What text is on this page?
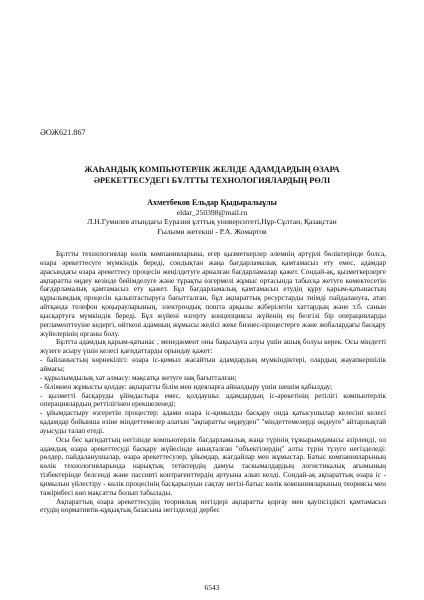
ӘОЖ621.867
ЖАҺАНДЫҚ КОМПЬЮТЕРЛІК ЖЕЛІДЕ АДАМДАРДЫҢ ӨЗАРА
ӘРЕКЕТТЕСУДЕГІ БҰЛТТЫ ТЕХНОЛОГИЯЛАРДЫҢ РӨЛІ
Ахметбеков Ельдар Қыдыралыұлы
eldar_250398@mail.ru
Л.Н.Гумилев атындағы Еуразия ұлттық университеті,Нұр-Сұлтан, Қазақстан
Ғылыми жетекші - Р.А. Жомартов

Бұлтты технологиялар көлік компанияларына, егер қызметкерлер әлемнің әртүрлі бөліктерінде болса, өзара әрекеттесуге мүмкіндік береді, сондықтан жаңа бағдарламалық қамтамасыз ету емес, адамдар арасындағы өзара әрекеттесу процесін жеңілдетуге арналған бағдарламалар қажет. Сондай-ақ, қызметкерлерге ақпаратты өңдеу кезінде бейімделуге және тұрақты өзгермелі жұмыс ортасында табысқа жетуге көмектесетін бағдарламалық қамтамасыз ету қажет. Бұл бағдарламалық қамтамасыз етудің құру қарым-қатынастың құрылымдық процесін қалыптастыруға бағытталған, бұл ақпараттық ресурстарды тиімді пайдалануға, атап айтқанда телефон қоңырауларының, электрондық пошта арқылы жіберілетін хаттардың және т.б. санын қысқартуға мүмкіндік береді. Бұл жүйені өзгерту концепциясы жүйенің ең белгілі бір операцияларды регламенттеуіне кедергі, өйткені адамның жұмысы желісі жеке бизнес-процестерге және жобалардағы басқару жүйелерінің органы болу.

Бұлтта адамдық қарым-қатынас , менеджмент оны бақылауға алуы үшін ашық болуы керек. Осы міндетті жүзеге асыру үшін келесі қағидаттарды орындау қажет:

- байланыстың көрнекілігі: өзара іс-қимыл жасайтын адамдардың мүмкіндіктері, олардың жауапкершілік аймағы;

- құрылымдылық хат алмасу: мақсатқа жетуге нақ бағытталған;

- білімнен жұмысты қолдау: ақпаратты білім мен идеяларға айналдыру үшін шешім қабылдау;

- қызметті басқаруды ұйімдастыра емес, қолдаушы: адамдардың іс-әрекетінің ретілігі компьютерлік операциялардың реттілігінен ерекшеленеді;

- ұйымдастыру өзгеретін процестер: адами өзара іс-қимылды басқару онда қатысушылар келесіні келесі қадамдар бойынша өзіне міндеттемелер алатын "ақпаратты өңдеуден" "міндеттемелерді өңдеуге" айтарлықтай ауысуды талап етеді.

Осы бес қағидаттың негізінде компьютерлік бағдарламалық жаңа түрінің тұжырымдамасы әзірленді, ол адамдық өзара әрекеттесуді басқару жүйесінде анықталған "объектілердің" алты түрін түзуге негізделеді: рөлдер, пайдаланушылар, өзара әрекеттесулер, ұйымдар, жағдайлар мен жұмыстар. Батыс компанияларының көлік технологияларында нарықтық тетіктердің дамуы таскымалдардың логистикалық ағымының тізбектерінде белсенді және пассивті контрагенттердің артуына алып келді. Сондай-ақ ақпараттық өзара іс - қимылын үйлестіру - көлік процесінің басқарылуын сақтау негізі-батыс көлік компанияларының теориясы мен тәжірибесі көп мақсатты болып табылады.

Ақпараттық өзара әрекеттесудің теориялық негіздері ақпаратты қорғау мен қауіпсіздікті қамтамасыз етудің нормативтік-құқықтық базасына негізделеді дербес

6543
